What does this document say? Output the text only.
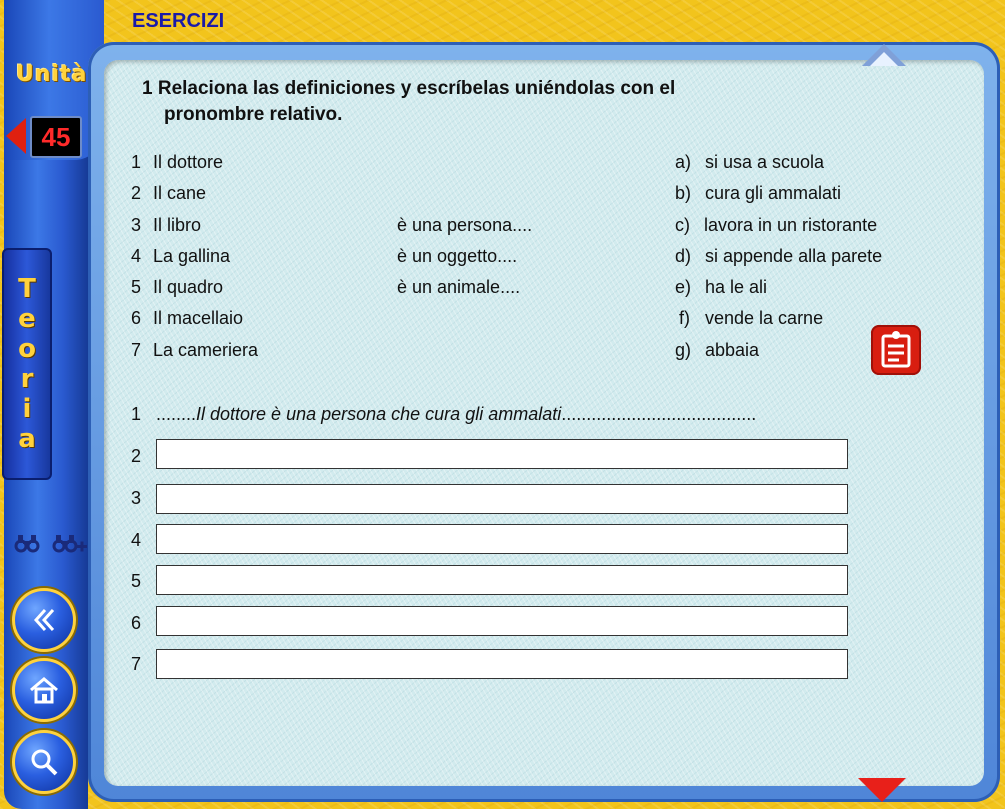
Unità
45
ESERCIZI
T
e
o
r
i
a
1 Relaciona las definiciones y escríbelas uniéndolas con el
pronombre relativo.
1 Il dottore
2 Il cane
3 Il libro
4 La gallina
5 Il quadro
6 Il macellaio
7 La cameriera
è una persona....
è un oggetto....
è un animale....
a) si usa a scuola
b) cura gli ammalati
c) lavora in un ristorante
d) si appende alla parete
e) ha le ali
f) vende la carne
g) abbaia
1 ........Il dottore è una persona che cura gli ammalati.......................................
2
3
4
5
6
7
